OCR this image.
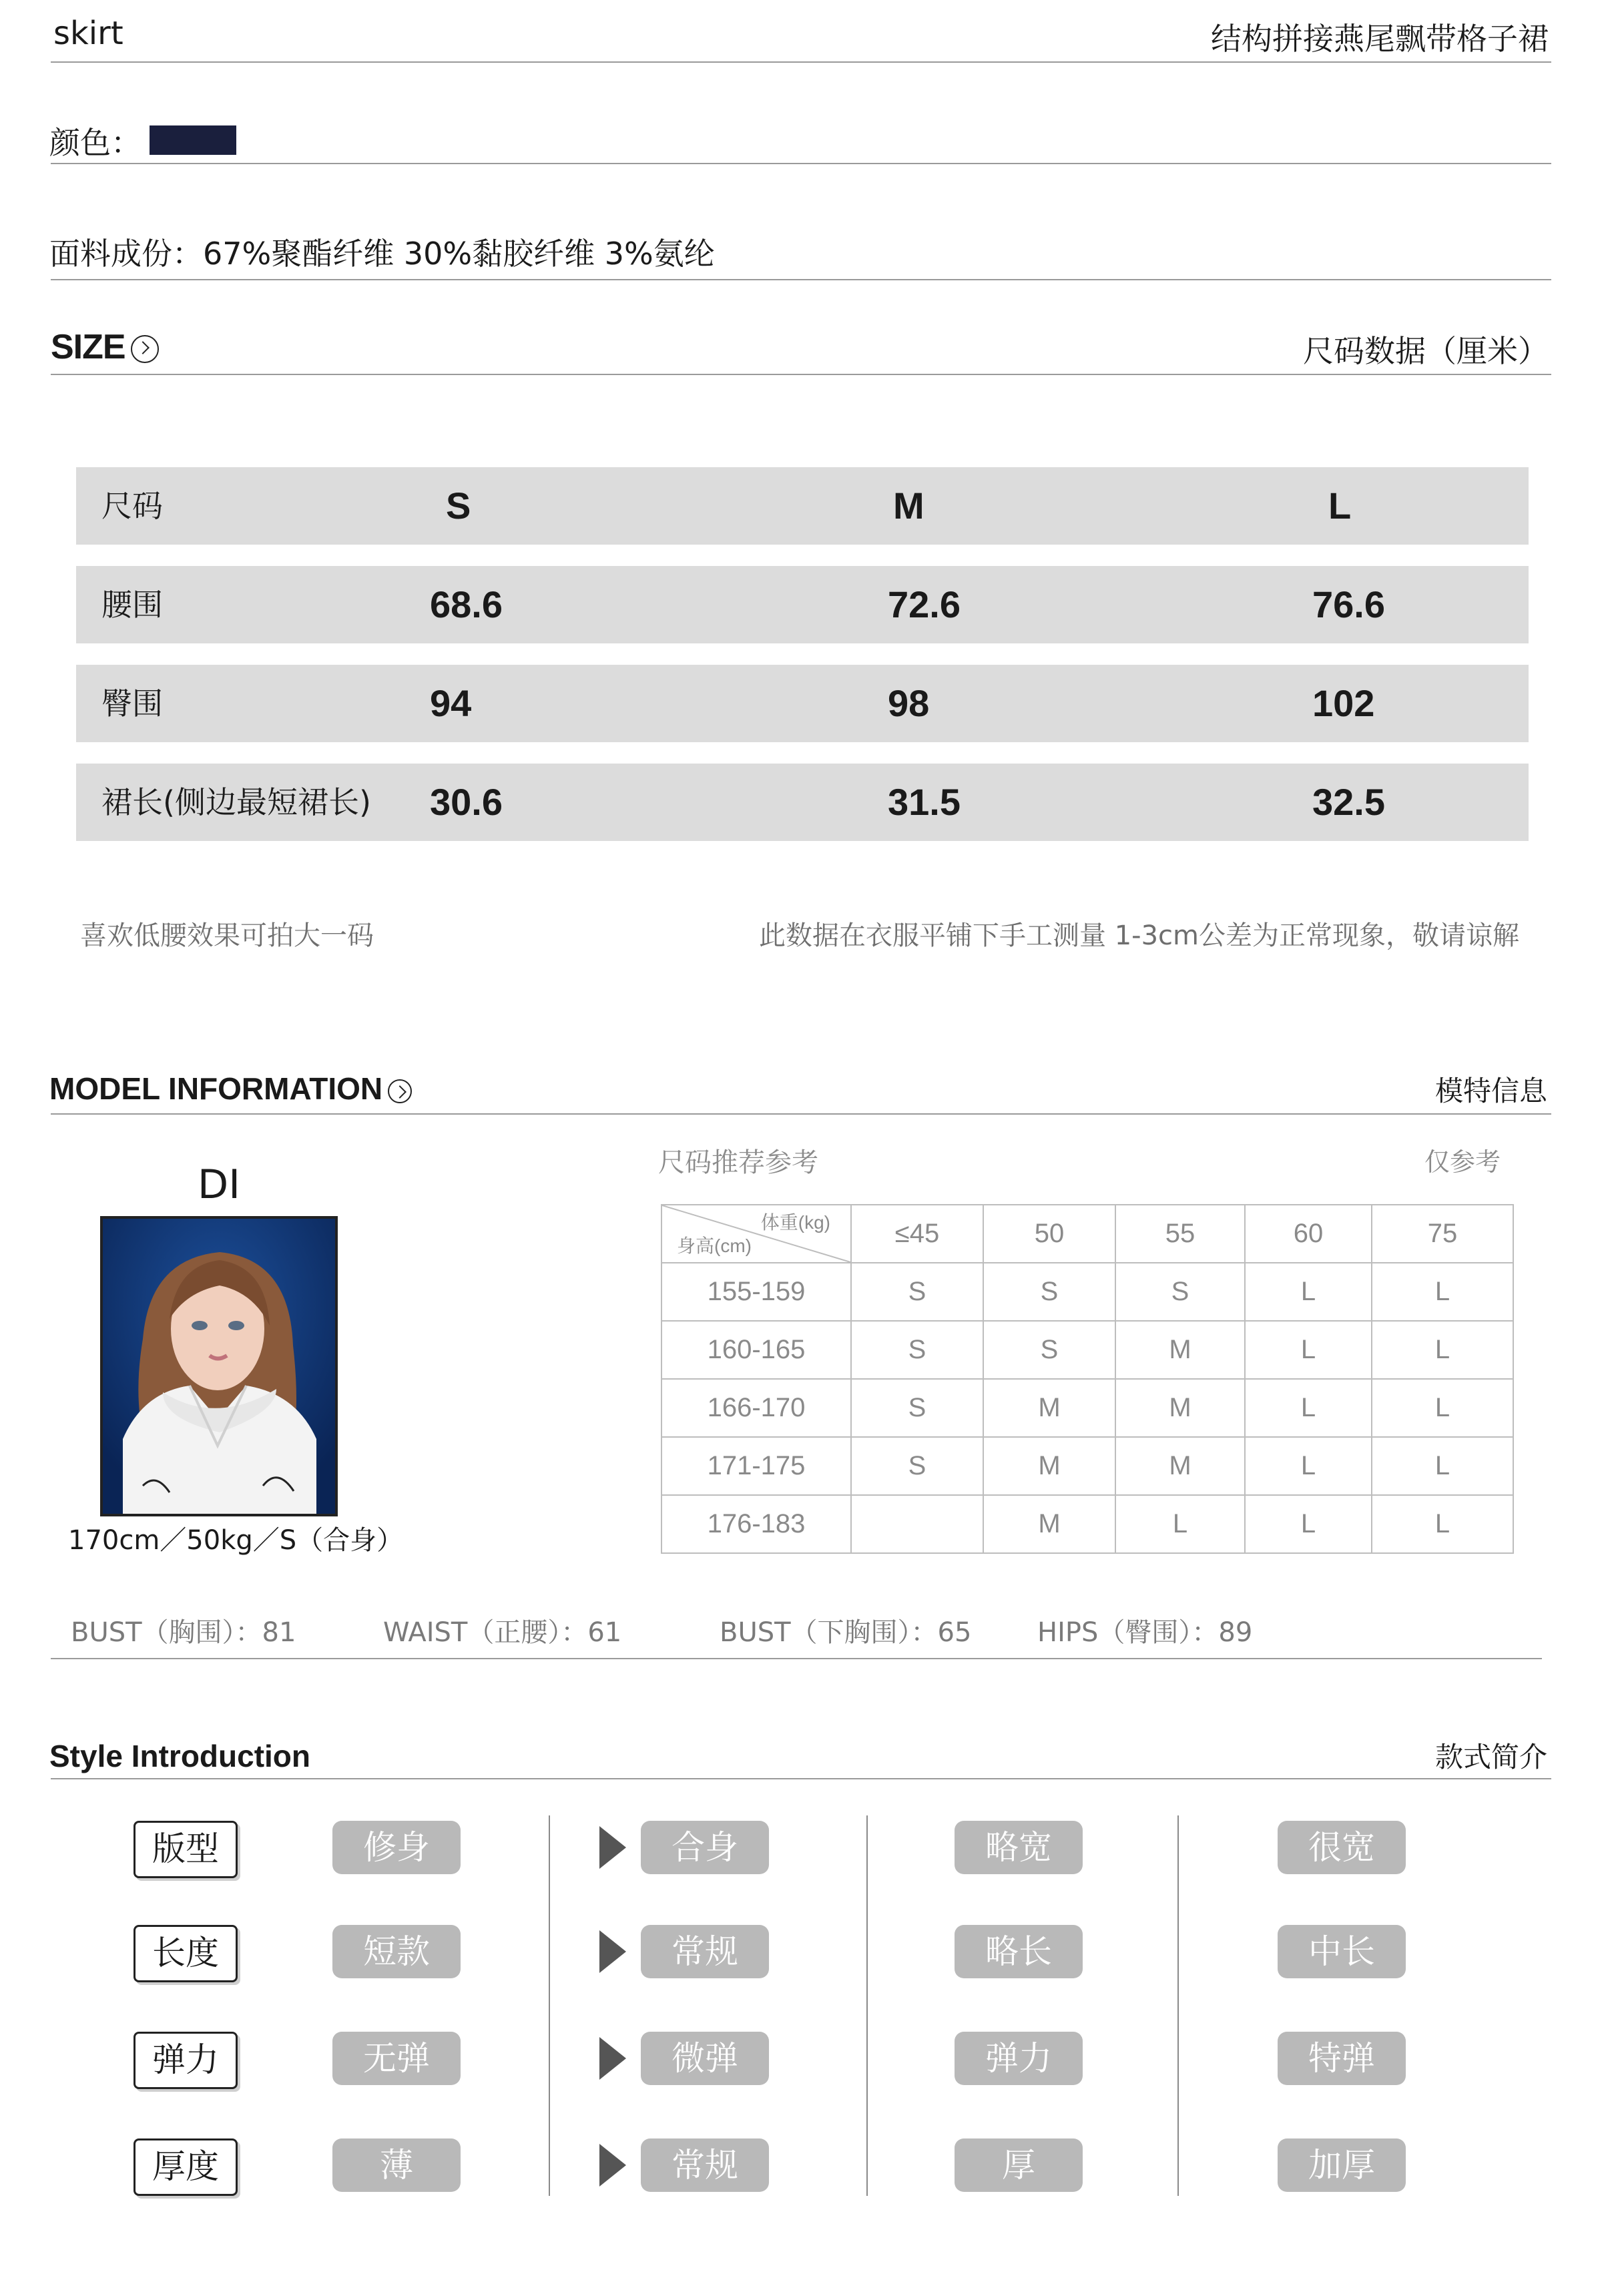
skirt	结构拼接燕尾飘带格子裙
颜色：
面料成份：67%聚酯纤维 30%黏胶纤维 3%氨纶
SIZE	尺码数据（厘米）
尺码	S	M	L
腰围	68.6	72.6	76.6
臀围	94	98	102
裙长(侧边最短裙长) 30.6	31.5	32.5
喜欢低腰效果可拍大一码	此数据在衣服平铺下手工测量 1-3cm公差为正常现象，敬请谅解
MODEL INFORMATION	模特信息
DI
170cm／50kg／S（合身）
尺码推荐参考	仅参考
体重(kg)
身高(cm)	≤45	50	55	60	75
155-159	S	S	S	L	L
160-165	S	S	M	L	L
166-170	S	M	M	L	L
171-175	S	M	M	L	L
176-183		M	L	L	L
BUST（胸围）：81	WAIST（正腰）：61	BUST（下胸围）：65 HIPS（臀围）：89
Style Introduction	款式简介
版型	修身	合身	略宽	很宽
长度	短款	常规	略长	中长
弹力	无弹	微弹	弹力	特弹
厚度	薄	常规	厚	加厚
